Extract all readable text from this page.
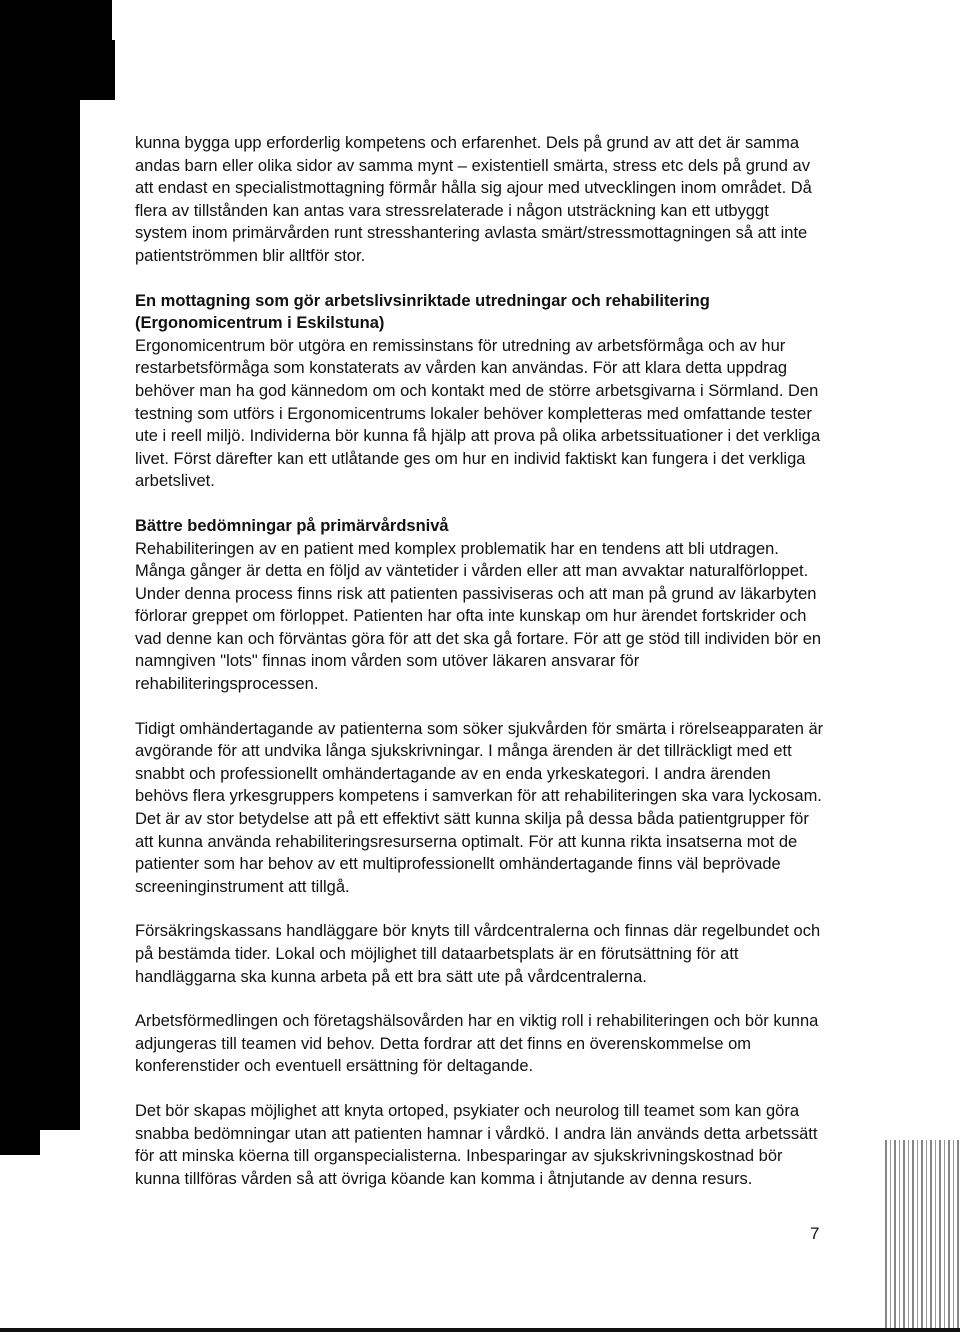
kunna bygga upp erforderlig kompetens och erfarenhet. Dels på grund av att det är samma andas barn eller olika sidor av samma mynt – existentiell smärta, stress etc dels på grund av att endast en specialistmottagning förmår hålla sig ajour med utvecklingen inom området. Då flera av tillstånden kan antas vara stressrelaterade i någon utsträckning kan ett utbyggt system inom primärvården runt stresshantering avlasta smärt/stressmottagningen så att inte patientströmmen blir alltför stor.

En mottagning som gör arbetslivsinriktade utredningar och rehabilitering (Ergonomicentrum i Eskilstuna)

Ergonomicentrum bör utgöra en remissinstans för utredning av arbetsförmåga och av hur restarbetsförmåga som konstaterats av vården kan användas. För att klara detta uppdrag behöver man ha god kännedom om och kontakt med de större arbetsgivarna i Sörmland. Den testning som utförs i Ergonomicentrums lokaler behöver kompletteras med omfattande tester ute i reell miljö. Individerna bör kunna få hjälp att prova på olika arbetssituationer i det verkliga livet. Först därefter kan ett utlåtande ges om hur en individ faktiskt kan fungera i det verkliga arbetslivet.

Bättre bedömningar på primärvårdsnivå

Rehabiliteringen av en patient med komplex problematik har en tendens att bli utdragen. Många gånger är detta en följd av väntetider i vården eller att man avvaktar naturalförloppet. Under denna process finns risk att patienten passiviseras och att man på grund av läkarbyten förlorar greppet om förloppet. Patienten har ofta inte kunskap om hur ärendet fortskrider och vad denne kan och förväntas göra för att det ska gå fortare. För att ge stöd till individen bör en namngiven "lots" finnas inom vården som utöver läkaren ansvarar för rehabiliteringsprocessen.

Tidigt omhändertagande av patienterna som söker sjukvården för smärta i rörelseapparaten är avgörande för att undvika långa sjukskrivningar. I många ärenden är det tillräckligt med ett snabbt och professionellt omhändertagande av en enda yrkeskategori. I andra ärenden behövs flera yrkesgruppers kompetens i samverkan för att rehabiliteringen ska vara lyckosam. Det är av stor betydelse att på ett effektivt sätt kunna skilja på dessa båda patientgrupper för att kunna använda rehabiliteringsresurserna optimalt. För att kunna rikta insatserna mot de patienter som har behov av ett multiprofessionellt omhändertagande finns väl beprövade screeninginstrument att tillgå.

Försäkringskassans handläggare bör knyts till vårdcentralerna och finnas där regelbundet och på bestämda tider. Lokal och möjlighet till dataarbetsplats är en förutsättning för att handläggarna ska kunna arbeta på ett bra sätt ute på vårdcentralerna.

Arbetsförmedlingen och företagshälsovården har en viktig roll i rehabiliteringen och bör kunna adjungeras till teamen vid behov. Detta fordrar att det finns en överenskommelse om konferenstider och eventuell ersättning för deltagande.

Det bör skapas möjlighet att knyta ortoped, psykiater och neurolog till teamet som kan göra snabba bedömningar utan att patienten hamnar i vårdkö. I andra län används detta arbetssätt för att minska köerna till organspecialisterna. Inbesparingar av sjukskrivningskostnad bör kunna tillföras vården så att övriga köande kan komma i åtnjutande av denna resurs.

7
